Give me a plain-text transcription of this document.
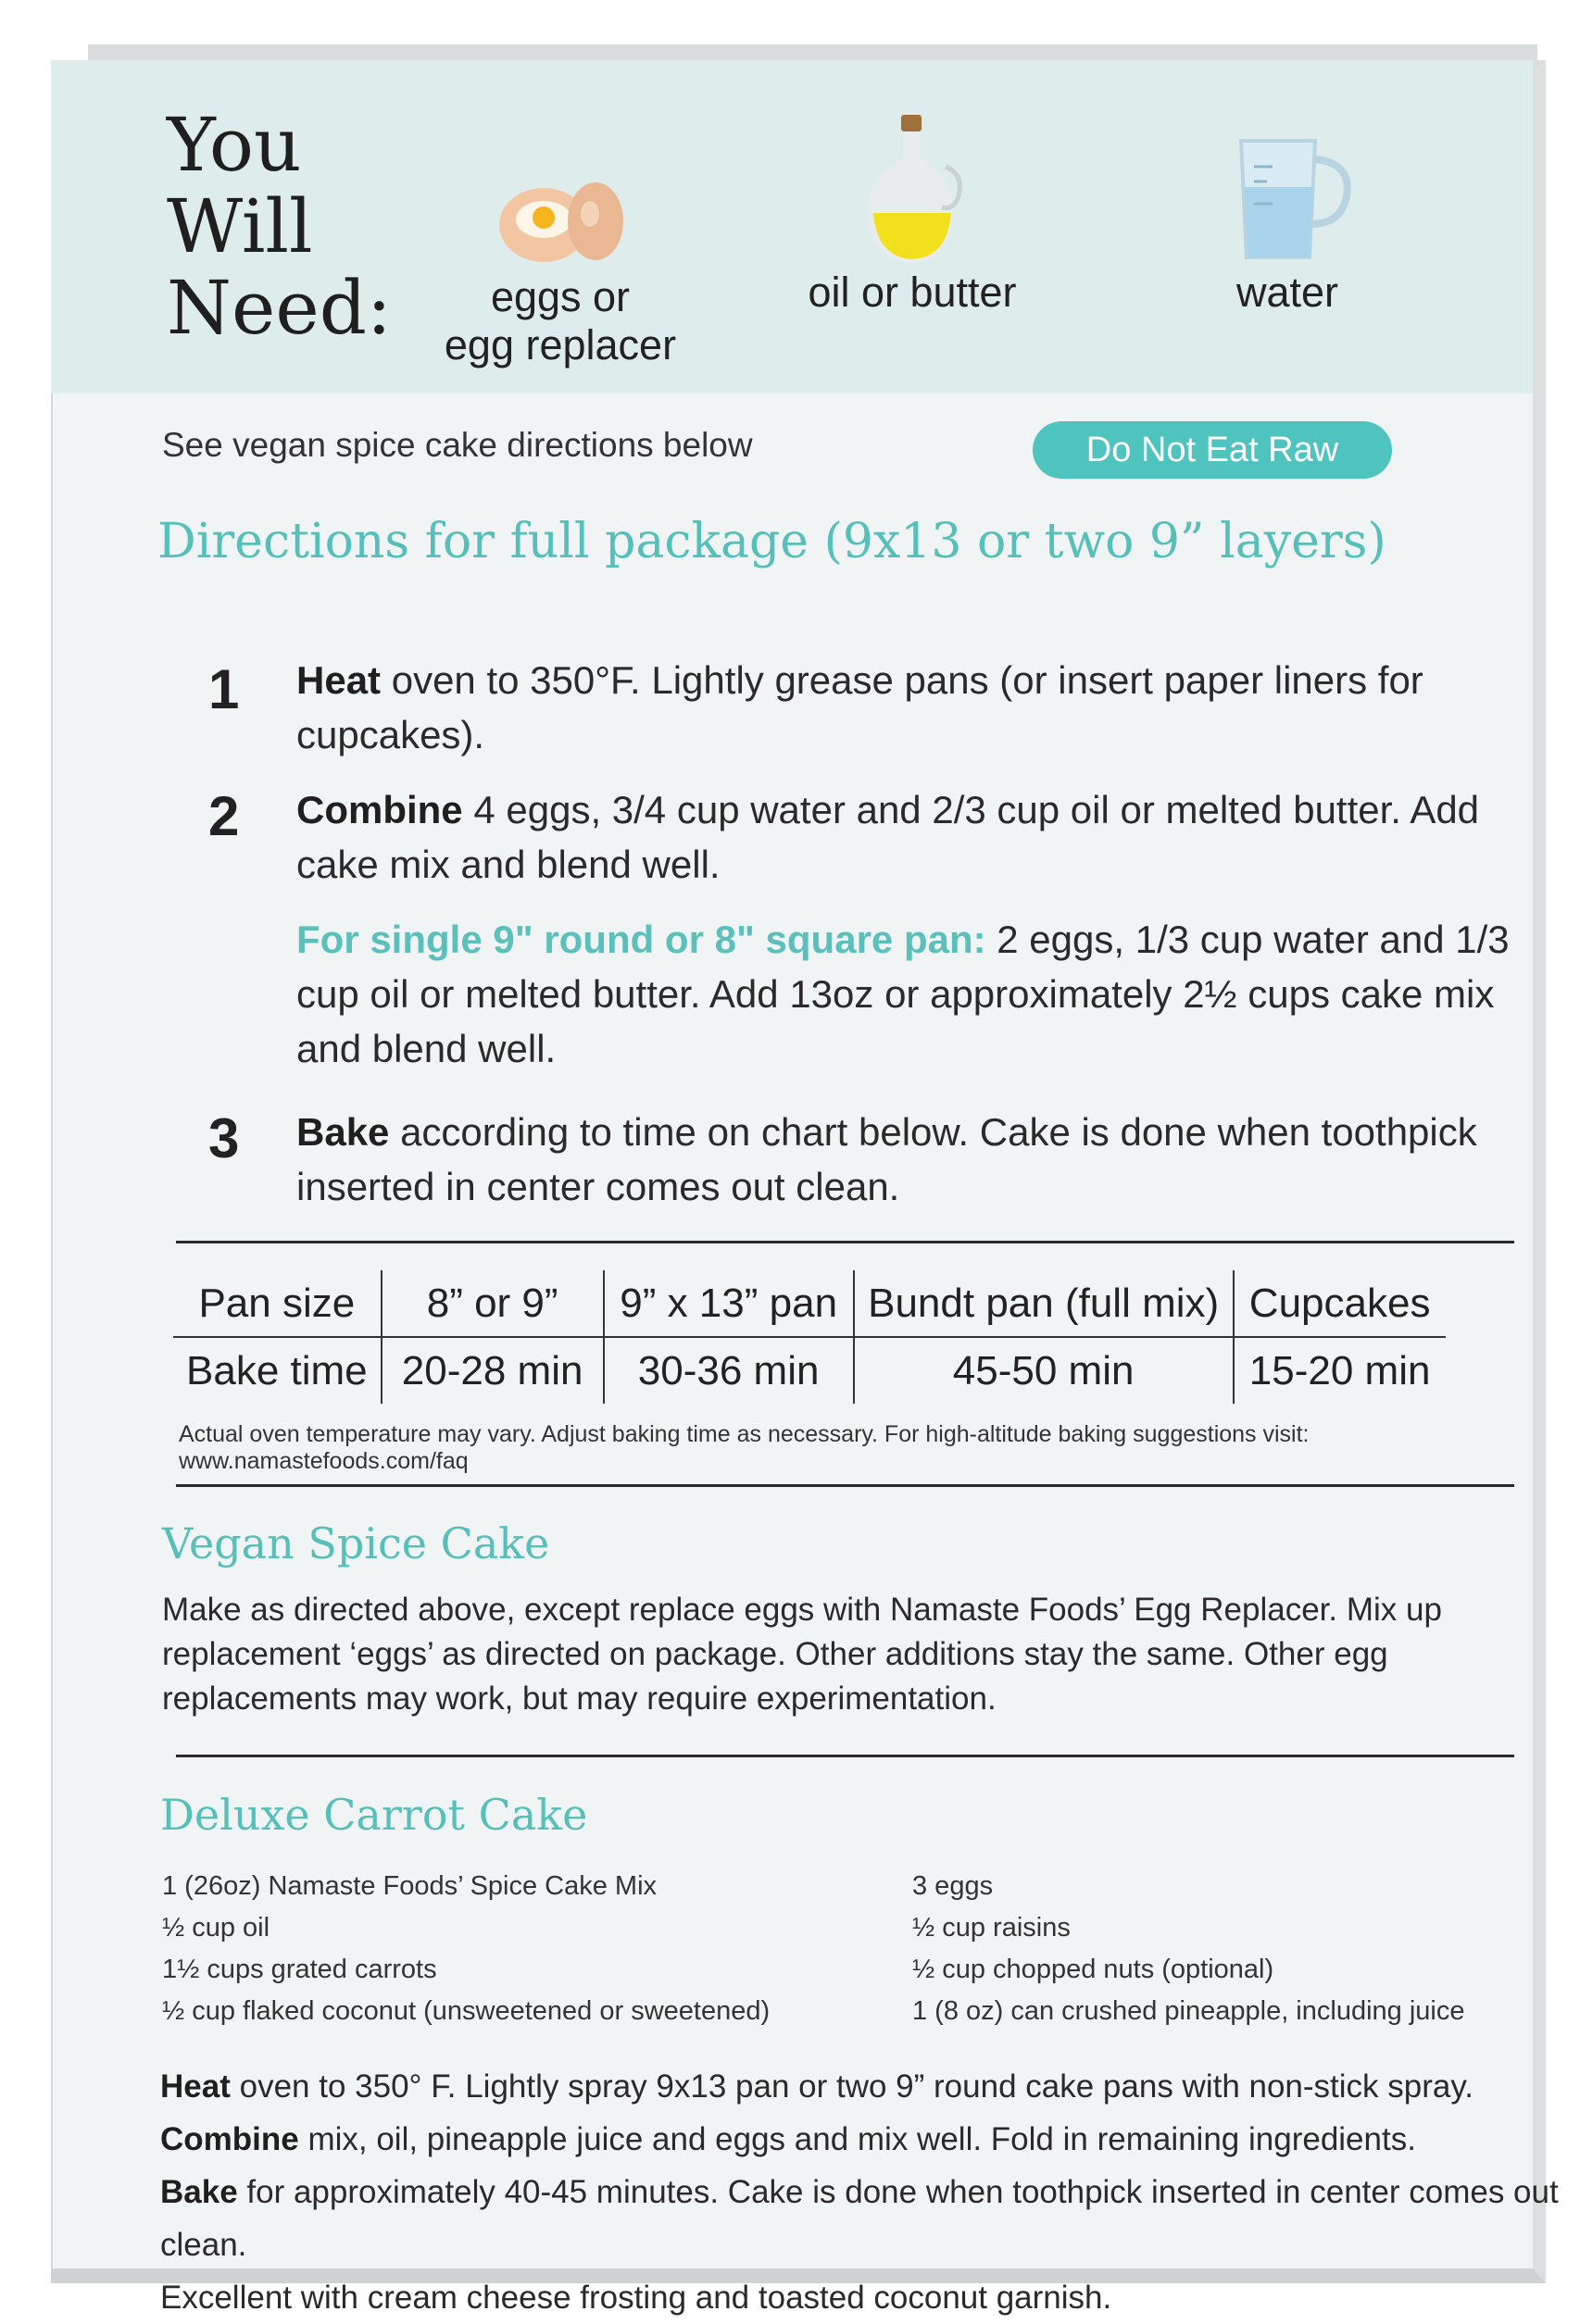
You
Will
Need:	eggs or
egg replacer
oil or butter	water
See vegan spice cake directions below	Do Not Eat Raw
Directions for full package (9x13 or two 9” layers)
1 Heat oven to 350°F. Lightly grease pans (or insert paper liners for cupcakes).
2 Combine 4 eggs, 3/4 cup water and 2/3 cup oil or melted butter. Add cake mix and blend well.
For single 9" round or 8" square pan: 2 eggs, 1/3 cup water and 1/3 cup oil or melted butter. Add 13oz or approximately 2½ cups cake mix and blend well.
3 Bake according to time on chart below. Cake is done when toothpick inserted in center comes out clean.
Pan size	8” or 9”	9” x 13” pan	Bundt pan (full mix)	Cupcakes
Bake time	20-28 min	30-36 min	45-50 min	15-20 min
Actual oven temperature may vary. Adjust baking time as necessary. For high-altitude baking suggestions visit: www.namastefoods.com/faq
Vegan Spice Cake
Make as directed above, except replace eggs with Namaste Foods’ Egg Replacer. Mix up replacement ‘eggs’ as directed on package. Other additions stay the same. Other egg replacements may work, but may require experimentation.
Deluxe Carrot Cake
1 (26oz) Namaste Foods’ Spice Cake Mix
½ cup oil
1½ cups grated carrots
½ cup flaked coconut (unsweetened or sweetened)
3 eggs
½ cup raisins
½ cup chopped nuts (optional)
1 (8 oz) can crushed pineapple, including juice
Heat oven to 350° F. Lightly spray 9x13 pan or two 9” round cake pans with non-stick spray.
Combine mix, oil, pineapple juice and eggs and mix well. Fold in remaining ingredients.
Bake for approximately 40-45 minutes. Cake is done when toothpick inserted in center comes out clean.
Excellent with cream cheese frosting and toasted coconut garnish.
